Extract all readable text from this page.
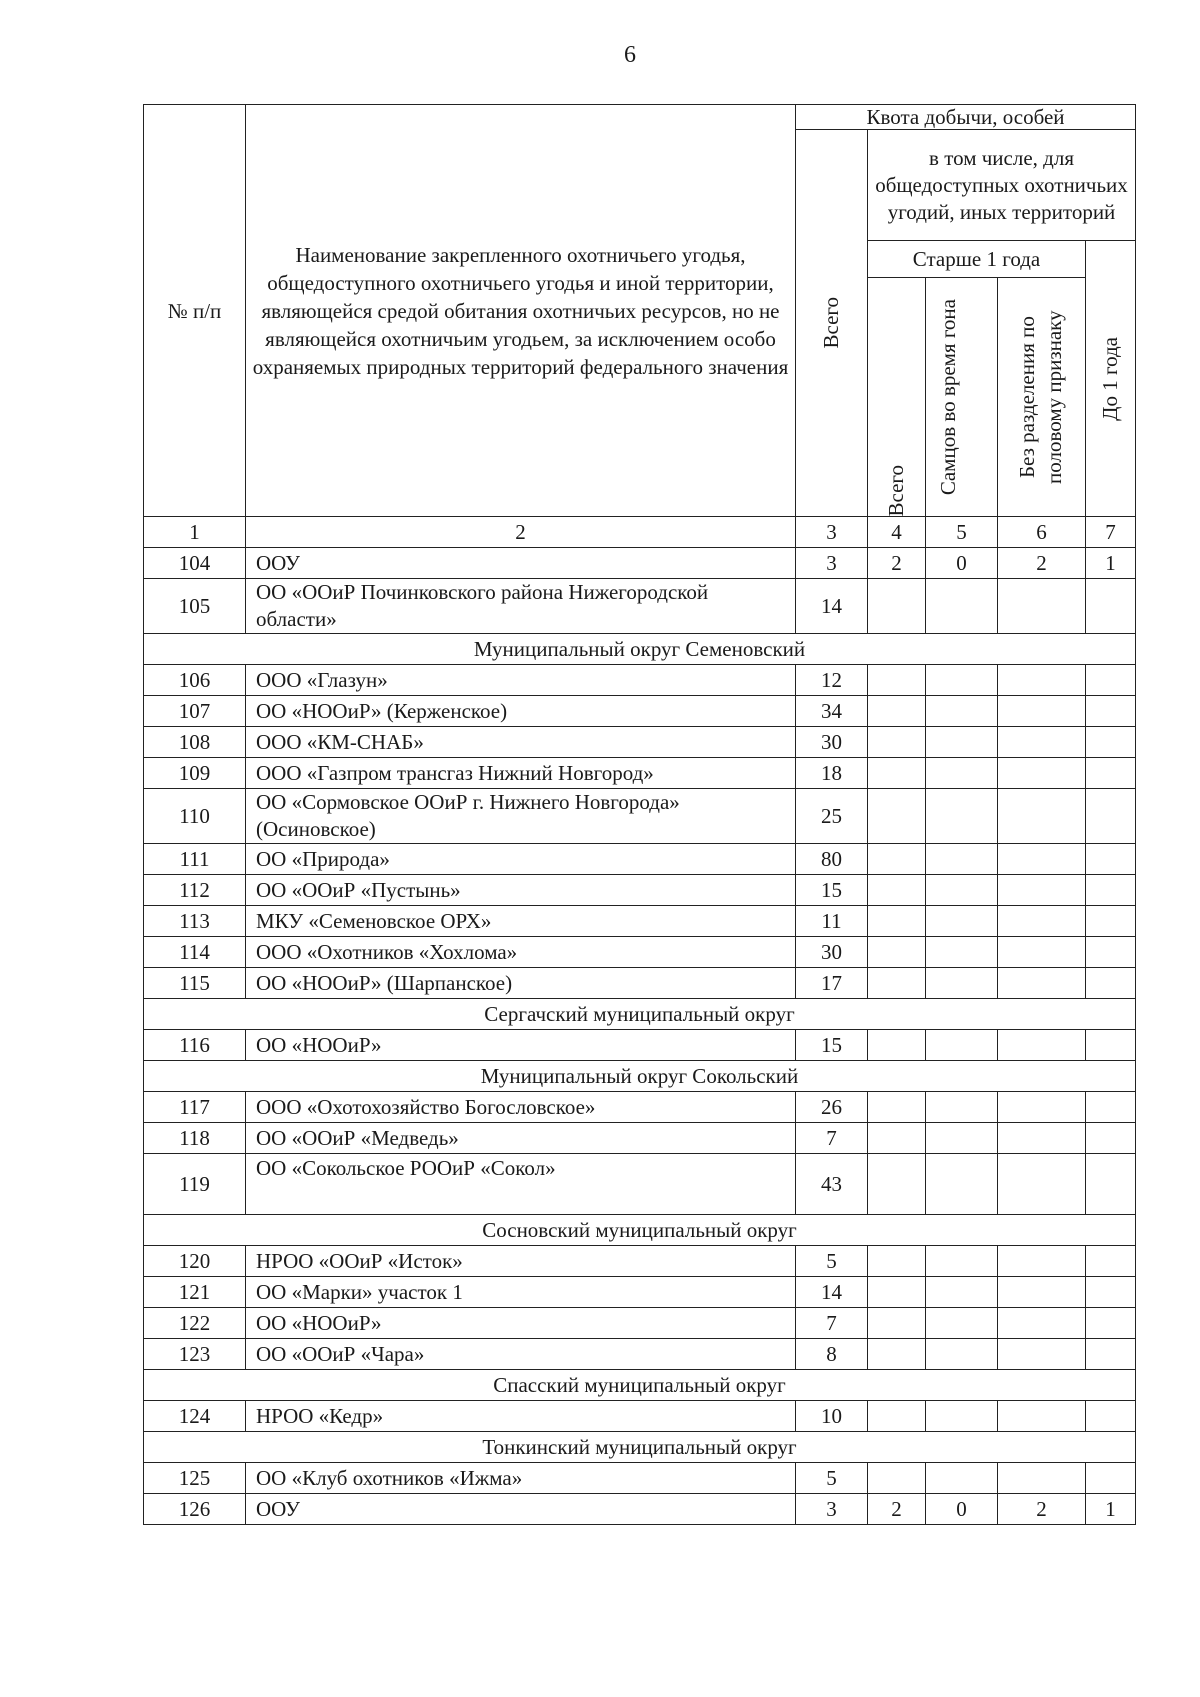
6
№ п/п	Наименование закрепленного охотничьего угодья, общедоступного охотничьего угодья и иной территории, являющейся средой обитания охотничьих ресурсов, но не являющейся охотничьим угодьем, за исключением особо охраняемых природных территорий федерального значения	Квота добычи, особей				

		Всего	в том числе, для общедоступных охотничьих угодий, иных территорий			
			Старше 1 года			До 1 года

			Всего	Самцов во время гона	Без разделения по половому признаку	

1	2	3	4	5	6	7
104	ООУ	3	2	0	2	1
105	ОО «ООиР Починковского района Нижегородской области»	14				
Муниципальный округ Семеновский						
106	ООО «Глазун»	12				
107	ОО «НООиР» (Керженское)	34				
108	ООО «КМ-СНАБ»	30				
109	ООО «Газпром трансгаз Нижний Новгород»	18				
110	ОО «Сормовское ООиР г. Нижнего Новгорода» (Осиновское)	25				
111	ОО «Природа»	80				
112	ОО «ООиР «Пустынь»	15				
113	МКУ «Семеновское ОРХ»	11				
114	ООО «Охотников «Хохлома»	30				
115	ОО «НООиР» (Шарпанское)	17				
Сергачский муниципальный округ						
116	ОО «НООиР»	15				
Муниципальный округ Сокольский						
117	ООО «Охотохозяйство Богословское»	26				
118	ОО «ООиР «Медведь»	7				
119	ОО «Сокольское РООиР «Сокол»	43				
Сосновский муниципальный округ						
120	НРОО «ООиР «Исток»	5				
121	ОО «Марки» участок 1	14				
122	ОО «НООиР»	7				
123	ОО «ООиР «Чара»	8				
Спасский муниципальный округ						
124	НРОО «Кедр»	10				
Тонкинский муниципальный округ						
125	ОО «Клуб охотников «Ижма»	5				
126	ООУ	3	2	0	2	1
